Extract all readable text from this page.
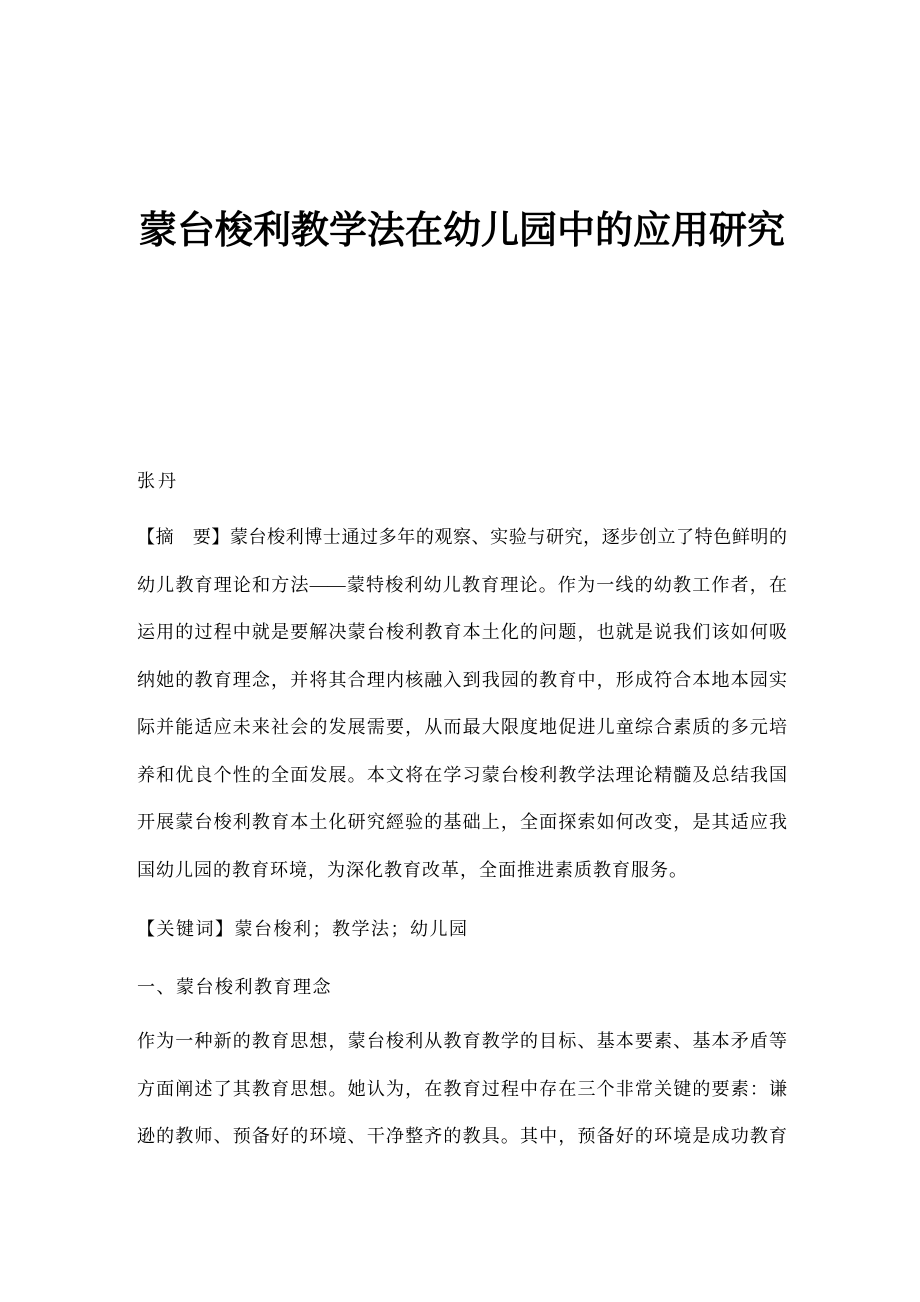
蒙台梭利教学法在幼儿园中的应用研究
张丹
【摘　要】蒙台梭利博士通过多年的观察、实验与研究，逐步创立了特色鲜明的
幼儿教育理论和方法——蒙特梭利幼儿教育理论。作为一线的幼教工作者，在
运用的过程中就是要解决蒙台梭利教育本土化的问题，也就是说我们该如何吸
纳她的教育理念，并将其合理内核融入到我园的教育中，形成符合本地本园实
际并能适应未来社会的发展需要，从而最大限度地促进儿童综合素质的多元培
养和优良个性的全面发展。本文将在学习蒙台梭利教学法理论精髓及总结我国
开展蒙台梭利教育本土化研究經验的基础上，全面探索如何改变，是其适应我
国幼儿园的教育环境，为深化教育改革，全面推进素质教育服务。
【关键词】蒙台梭利；教学法；幼儿园
一、蒙台梭利教育理念
作为一种新的教育思想，蒙台梭利从教育教学的目标、基本要素、基本矛盾等
方面阐述了其教育思想。她认为，在教育过程中存在三个非常关键的要素：谦
逊的教师、预备好的环境、干净整齐的教具。其中，预备好的环境是成功教育
